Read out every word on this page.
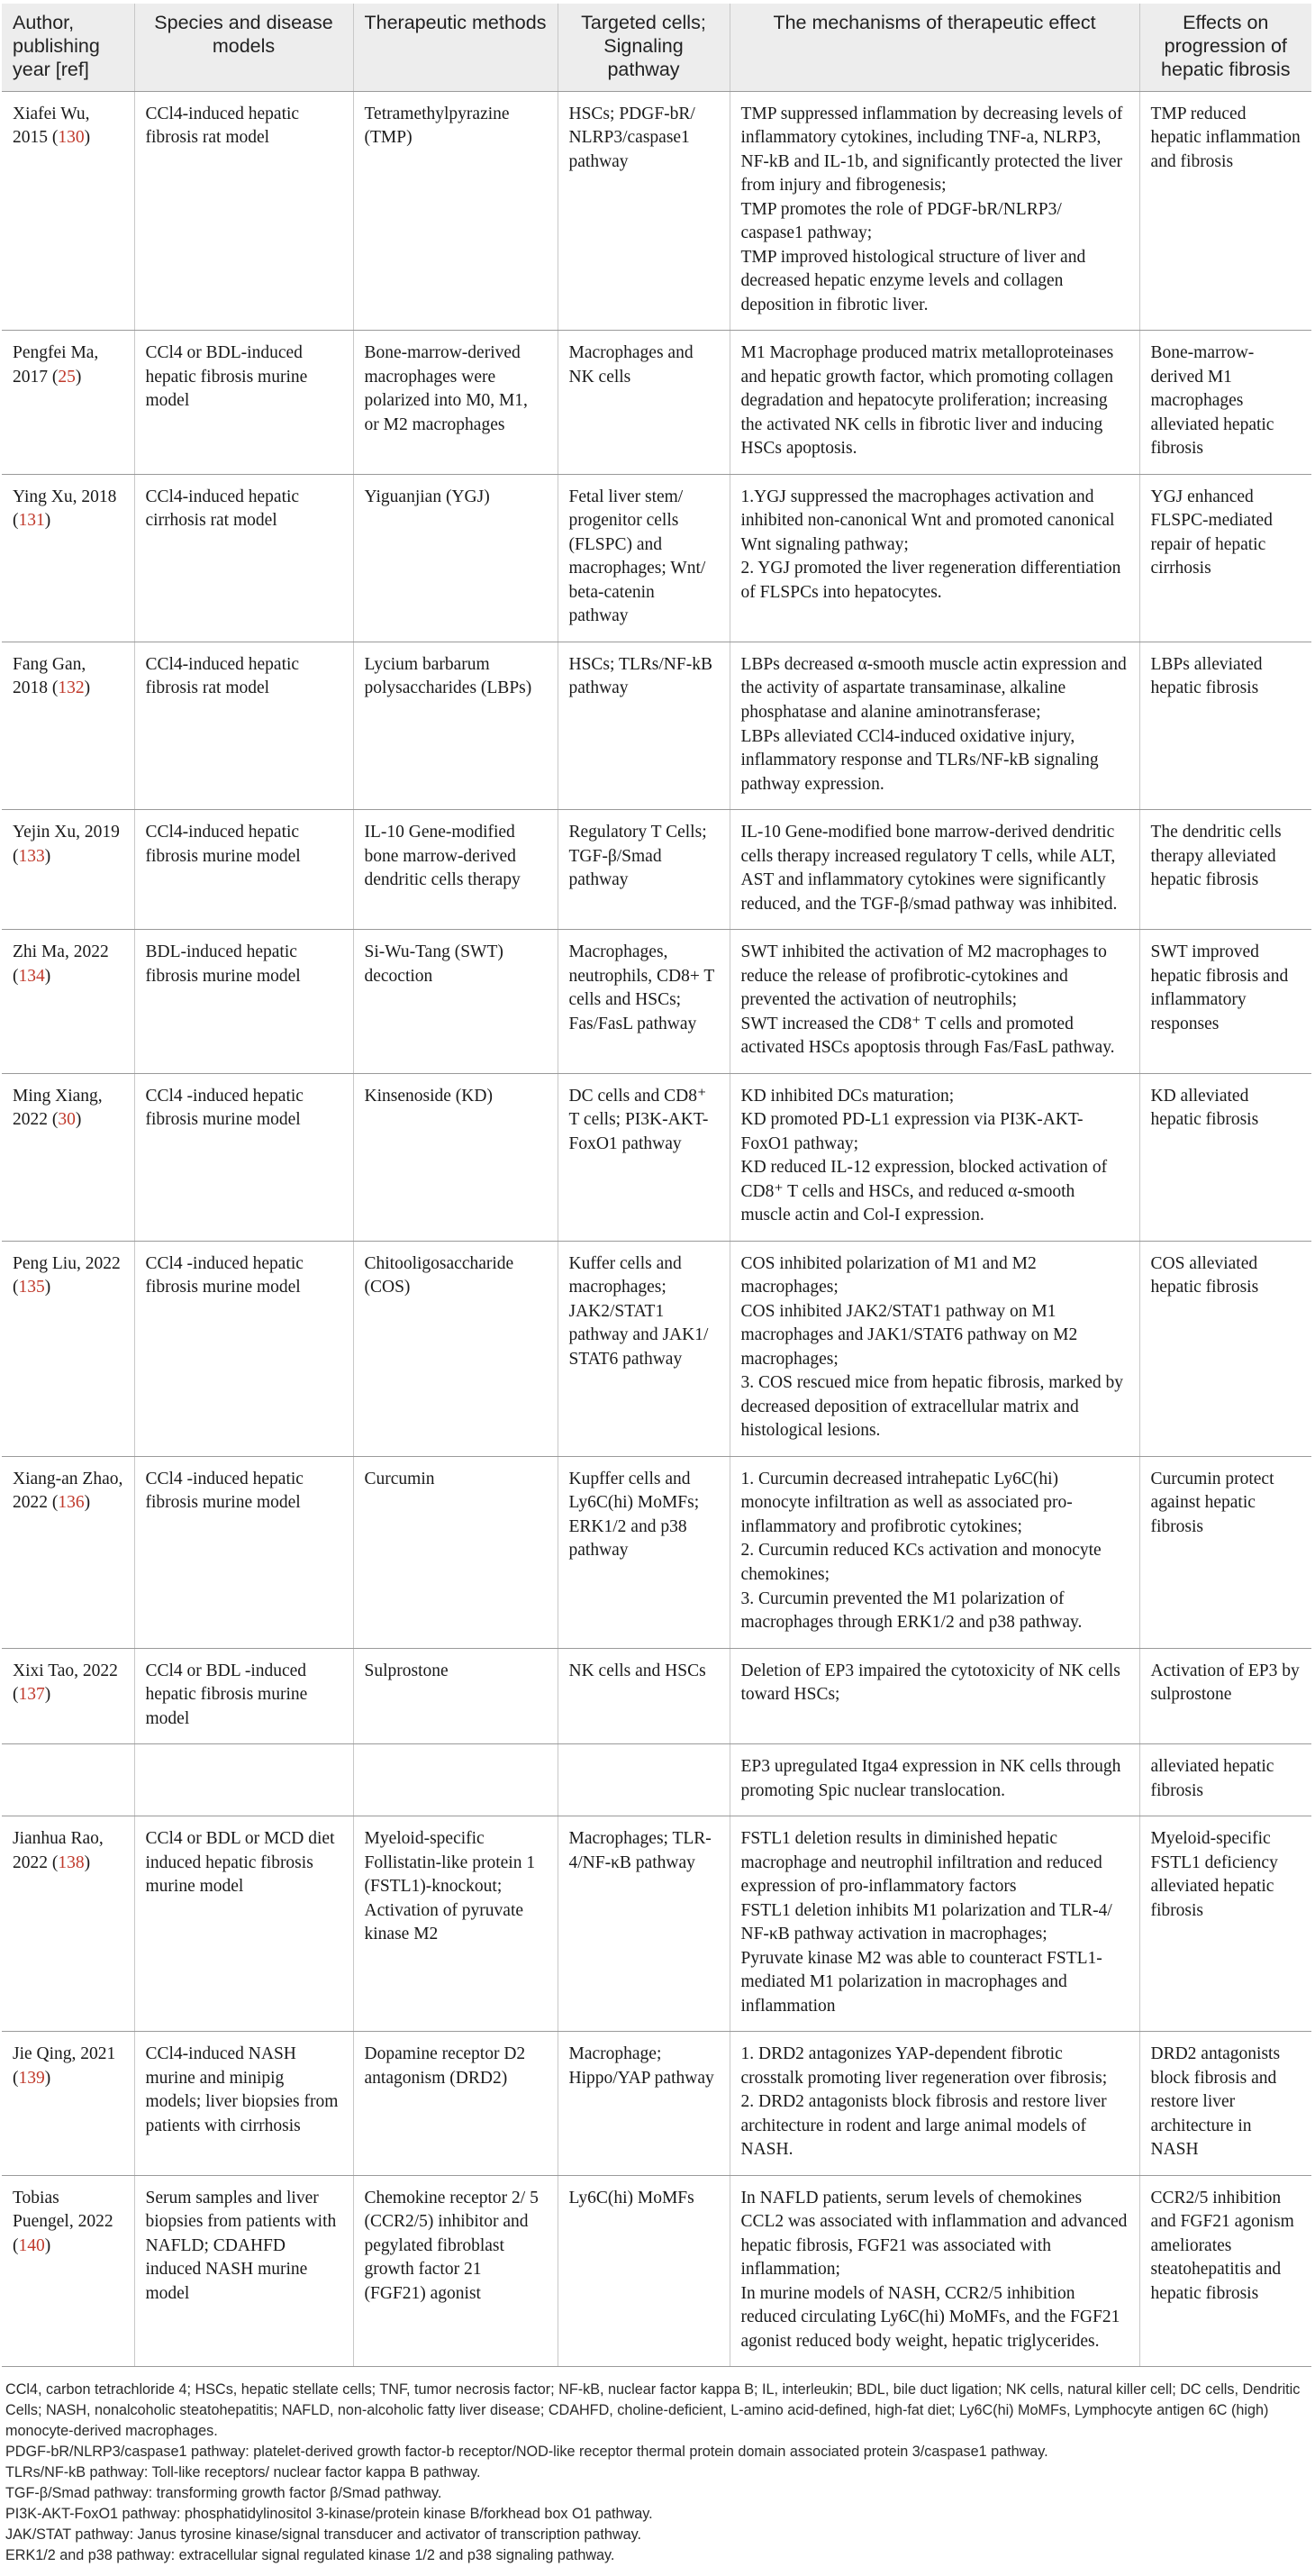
Author, publishing year [ref]	Species and disease models	Therapeutic methods	Targeted cells; Signaling pathway	The mechanisms of therapeutic effect	Effects on progression of hepatic fibrosis
Xiafei Wu, 2015 (130)	CCl4-induced hepatic fibrosis rat model	Tetramethylpyrazine (TMP)	HSCs; PDGF-bR/ NLRP3/caspase1 pathway	TMP suppressed inflammation by decreasing levels of inflammatory cytokines, including TNF-a, NLRP3, NF-kB and IL-1b, and significantly protected the liver from injury and fibrogenesis;
TMP promotes the role of PDGF-bR/NLRP3/ caspase1 pathway;
TMP improved histological structure of liver and decreased hepatic enzyme levels and collagen deposition in fibrotic liver.	TMP reduced hepatic inflammation and fibrosis
Pengfei Ma, 2017 (25)	CCl4 or BDL-induced hepatic fibrosis murine model	Bone-marrow-derived macrophages were polarized into M0, M1, or M2 macrophages	Macrophages and NK cells	M1 Macrophage produced matrix metalloproteinases and hepatic growth factor, which promoting collagen degradation and hepatocyte proliferation; increasing the activated NK cells in fibrotic liver and inducing HSCs apoptosis.	Bone-marrow-derived M1 macrophages alleviated hepatic fibrosis
Ying Xu, 2018 (131)	CCl4-induced hepatic cirrhosis rat model	Yiguanjian (YGJ)	Fetal liver stem/ progenitor cells (FLSPC) and macrophages; Wnt/ beta-catenin pathway	1.YGJ suppressed the macrophages activation and inhibited non-canonical Wnt and promoted canonical Wnt signaling pathway;
2. YGJ promoted the liver regeneration differentiation of FLSPCs into hepatocytes.	YGJ enhanced FLSPC-mediated repair of hepatic cirrhosis
Fang Gan, 2018 (132)	CCl4-induced hepatic fibrosis rat model	Lycium barbarum polysaccharides (LBPs)	HSCs; TLRs/NF-kB pathway	LBPs decreased α-smooth muscle actin expression and the activity of aspartate transaminase, alkaline phosphatase and alanine aminotransferase;
LBPs alleviated CCl4-induced oxidative injury, inflammatory response and TLRs/NF-kB signaling pathway expression.	LBPs alleviated hepatic fibrosis
Yejin Xu, 2019 (133)	CCl4-induced hepatic fibrosis murine model	IL-10 Gene-modified bone marrow-derived dendritic cells therapy	Regulatory T Cells; TGF-β/Smad pathway	IL-10 Gene-modified bone marrow-derived dendritic cells therapy increased regulatory T cells, while ALT, AST and inflammatory cytokines were significantly reduced, and the TGF-β/smad pathway was inhibited.	The dendritic cells therapy alleviated hepatic fibrosis
Zhi Ma, 2022 (134)	BDL-induced hepatic fibrosis murine model	Si-Wu-Tang (SWT) decoction	Macrophages, neutrophils, CD8+ T cells and HSCs; Fas/FasL pathway	SWT inhibited the activation of M2 macrophages to reduce the release of profibrotic-cytokines and prevented the activation of neutrophils;
SWT increased the CD8⁺ T cells and promoted activated HSCs apoptosis through Fas/FasL pathway.	SWT improved hepatic fibrosis and inflammatory responses
Ming Xiang, 2022 (30)	CCl4 -induced hepatic fibrosis murine model	Kinsenoside (KD)	DC cells and CD8⁺ T cells; PI3K-AKT-FoxO1 pathway	KD inhibited DCs maturation;
KD promoted PD-L1 expression via PI3K-AKT-FoxO1 pathway;
KD reduced IL-12 expression, blocked activation of CD8⁺ T cells and HSCs, and reduced α-smooth muscle actin and Col-I expression.	KD alleviated hepatic fibrosis
Peng Liu, 2022 (135)	CCl4 -induced hepatic fibrosis murine model	Chitooligosaccharide (COS)	Kuffer cells and macrophages; JAK2/STAT1 pathway and JAK1/ STAT6 pathway	COS inhibited polarization of M1 and M2 macrophages;
COS inhibited JAK2/STAT1 pathway on M1 macrophages and JAK1/STAT6 pathway on M2 macrophages;
3. COS rescued mice from hepatic fibrosis, marked by decreased deposition of extracellular matrix and histological lesions.	COS alleviated hepatic fibrosis
Xiang-an Zhao, 2022 (136)	CCl4 -induced hepatic fibrosis murine model	Curcumin	Kupffer cells and Ly6C(hi) MoMFs; ERK1/2 and p38 pathway	1. Curcumin decreased intrahepatic Ly6C(hi) monocyte infiltration as well as associated pro-inflammatory and profibrotic cytokines;
2. Curcumin reduced KCs activation and monocyte chemokines;
3. Curcumin prevented the M1 polarization of macrophages through ERK1/2 and p38 pathway.	Curcumin protect against hepatic fibrosis
Xixi Tao, 2022 (137)	CCl4 or BDL -induced hepatic fibrosis murine model	Sulprostone	NK cells and HSCs	Deletion of EP3 impaired the cytotoxicity of NK cells toward HSCs;	Activation of EP3 by sulprostone

				EP3 upregulated Itga4 expression in NK cells through promoting Spic nuclear translocation.	alleviated hepatic fibrosis
Jianhua Rao, 2022 (138)	CCl4 or BDL or MCD diet induced hepatic fibrosis murine model	Myeloid-specific Follistatin-like protein 1 (FSTL1)-knockout; Activation of pyruvate kinase M2	Macrophages; TLR-4/NF-κB pathway	FSTL1 deletion results in diminished hepatic macrophage and neutrophil infiltration and reduced expression of pro-inflammatory factors
FSTL1 deletion inhibits M1 polarization and TLR-4/ NF-κB pathway activation in macrophages;
Pyruvate kinase M2 was able to counteract FSTL1-mediated M1 polarization in macrophages and inflammation	Myeloid-specific FSTL1 deficiency alleviated hepatic fibrosis
Jie Qing, 2021 (139)	CCl4-induced NASH murine and minipig models; liver biopsies from patients with cirrhosis	Dopamine receptor D2 antagonism (DRD2)	Macrophage; Hippo/YAP pathway	1. DRD2 antagonizes YAP-dependent fibrotic crosstalk promoting liver regeneration over fibrosis;
2. DRD2 antagonists block fibrosis and restore liver architecture in rodent and large animal models of NASH.	DRD2 antagonists block fibrosis and restore liver architecture in NASH
Tobias Puengel, 2022 (140)	Serum samples and liver biopsies from patients with NAFLD; CDAHFD induced NASH murine model	Chemokine receptor 2/ 5 (CCR2/5) inhibitor and pegylated fibroblast growth factor 21 (FGF21) agonist	Ly6C(hi) MoMFs	In NAFLD patients, serum levels of chemokines CCL2 was associated with inflammation and advanced hepatic fibrosis, FGF21 was associated with inflammation;
In murine models of NASH, CCR2/5 inhibition reduced circulating Ly6C(hi) MoMFs, and the FGF21 agonist reduced body weight, hepatic triglycerides.	CCR2/5 inhibition and FGF21 agonism ameliorates steatohepatitis and hepatic fibrosis
CCl4, carbon tetrachloride 4; HSCs, hepatic stellate cells; TNF, tumor necrosis factor; NF-kB, nuclear factor kappa B; IL, interleukin; BDL, bile duct ligation; NK cells, natural killer cell; DC cells, Dendritic Cells; NASH, nonalcoholic steatohepatitis; NAFLD, non-alcoholic fatty liver disease; CDAHFD, choline-deficient, L-amino acid-defined, high-fat diet; Ly6C(hi) MoMFs, Lymphocyte antigen 6C (high) monocyte-derived macrophages.
PDGF-bR/NLRP3/caspase1 pathway: platelet-derived growth factor-b receptor/NOD-like receptor thermal protein domain associated protein 3/caspase1 pathway.
TLRs/NF-kB pathway: Toll-like receptors/ nuclear factor kappa B pathway.
TGF-β/Smad pathway: transforming growth factor β/Smad pathway.
PI3K-AKT-FoxO1 pathway: phosphatidylinositol 3-kinase/protein kinase B/forkhead box O1 pathway.
JAK/STAT pathway: Janus tyrosine kinase/signal transducer and activator of transcription pathway.
ERK1/2 and p38 pathway: extracellular signal regulated kinase 1/2 and p38 signaling pathway.
